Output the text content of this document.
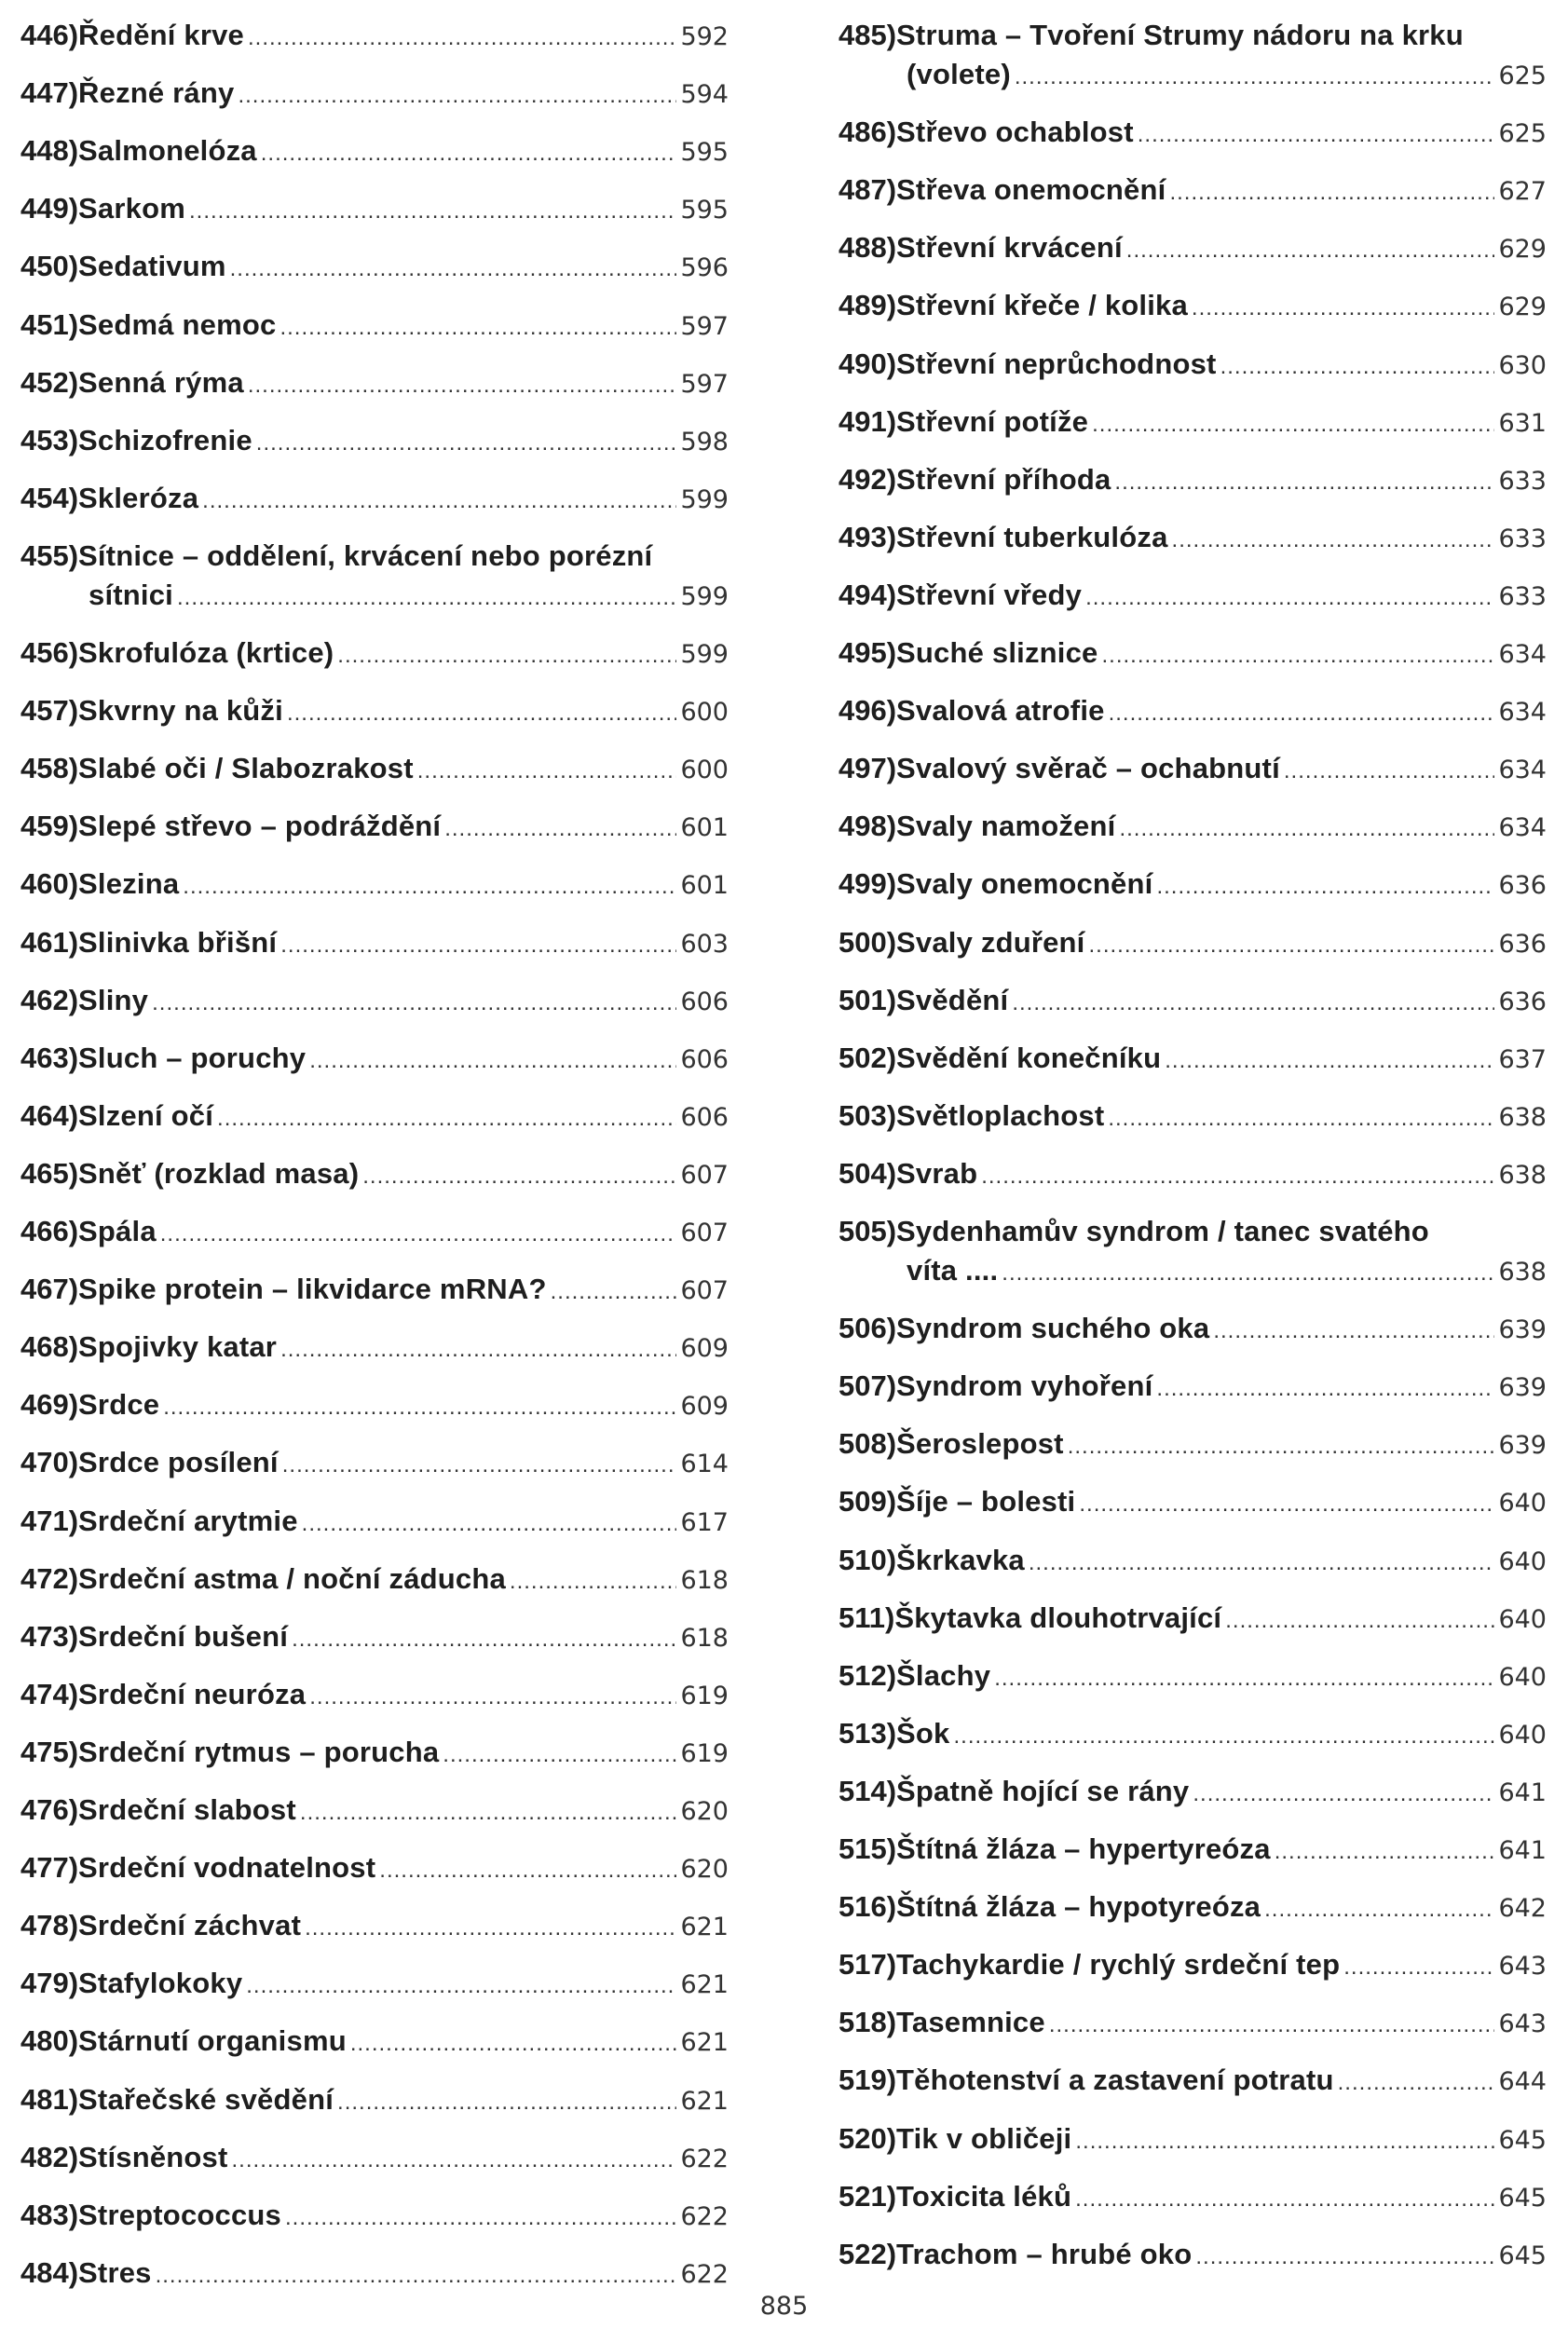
446) Ředění krve .....	592
447) Řezné rány .....	594
448) Salmonelóza .....	595
449) Sarkom .....	595
450) Sedativum .....	596
451) Sedmá nemoc .....	597
452) Senná rýma .....	597
453) Schizofrenie .....	598
454) Skleróza .....	599
455) Sítnice – oddělení, krvácení nebo porézní
sítnici .....	599
456) Skrofulóza (krtice) .....	599
457) Skvrny na kůži .....	600
458) Slabé oči / Slabozrakost .....	600
459) Slepé střevo – podráždění .....	601
460) Slezina .....	601
461) Slinivka břišní .....	603
462) Sliny .....	606
463) Sluch – poruchy .....	606
464) Slzení očí .....	606
465) Sněť (rozklad masa) .....	607
466) Spála .....	607
467) Spike protein – likvidarce mRNA? .....	607
468) Spojivky katar .....	609
469) Srdce .....	609
470) Srdce posílení .....	614
471) Srdeční arytmie .....	617
472) Srdeční astma / noční záducha .....	618
473) Srdeční bušení .....	618
474) Srdeční neuróza .....	619
475) Srdeční rytmus – porucha .....	619
476) Srdeční slabost .....	620
477) Srdeční vodnatelnost .....	620
478) Srdeční záchvat .....	621
479) Stafylokoky .....	621
480) Stárnutí organismu .....	621
481) Stařečské svědění .....	621
482) Stísněnost .....	622
483) Streptococcus .....	622
484) Stres .....	622
485) Struma – Tvoření Strumy nádoru na krku
(volete) .....	625
486) Střevo ochablost .....	625
487) Střeva onemocnění .....	627
488) Střevní krvácení .....	629
489) Střevní křeče / kolika .....	629
490) Střevní neprůchodnost .....	630
491) Střevní potíže .....	631
492) Střevní příhoda .....	633
493) Střevní tuberkulóza .....	633
494) Střevní vředy .....	633
495) Suché sliznice .....	634
496) Svalová atrofie .....	634
497) Svalový svěrač – ochabnutí .....	634
498) Svaly namožení .....	634
499) Svaly onemocnění .....	636
500) Svaly zduření .....	636
501) Svědění .....	636
502) Svědění konečníku .....	637
503) Světloplachost .....	638
504) Svrab .....	638
505) Sydenhamův syndrom / tanec svatého
víta .... .....	638
506) Syndrom suchého oka .....	639
507) Syndrom vyhoření .....	639
508) Šeroslepost .....	639
509) Šíje – bolesti .....	640
510) Škrkavka .....	640
511) Škytavka dlouhotrvající .....	640
512) Šlachy .....	640
513) Šok .....	640
514) Špatně hojící se rány .....	641
515) Štítná žláza – hypertyreóza .....	641
516) Štítná žláza – hypotyreóza .....	642
517) Tachykardie / rychlý srdeční tep .....	643
518) Tasemnice .....	643
519) Těhotenství a zastavení potratu .....	644
520) Tik v obličeji .....	645
521) Toxicita léků .....	645
522) Trachom – hrubé oko .....	645
885
